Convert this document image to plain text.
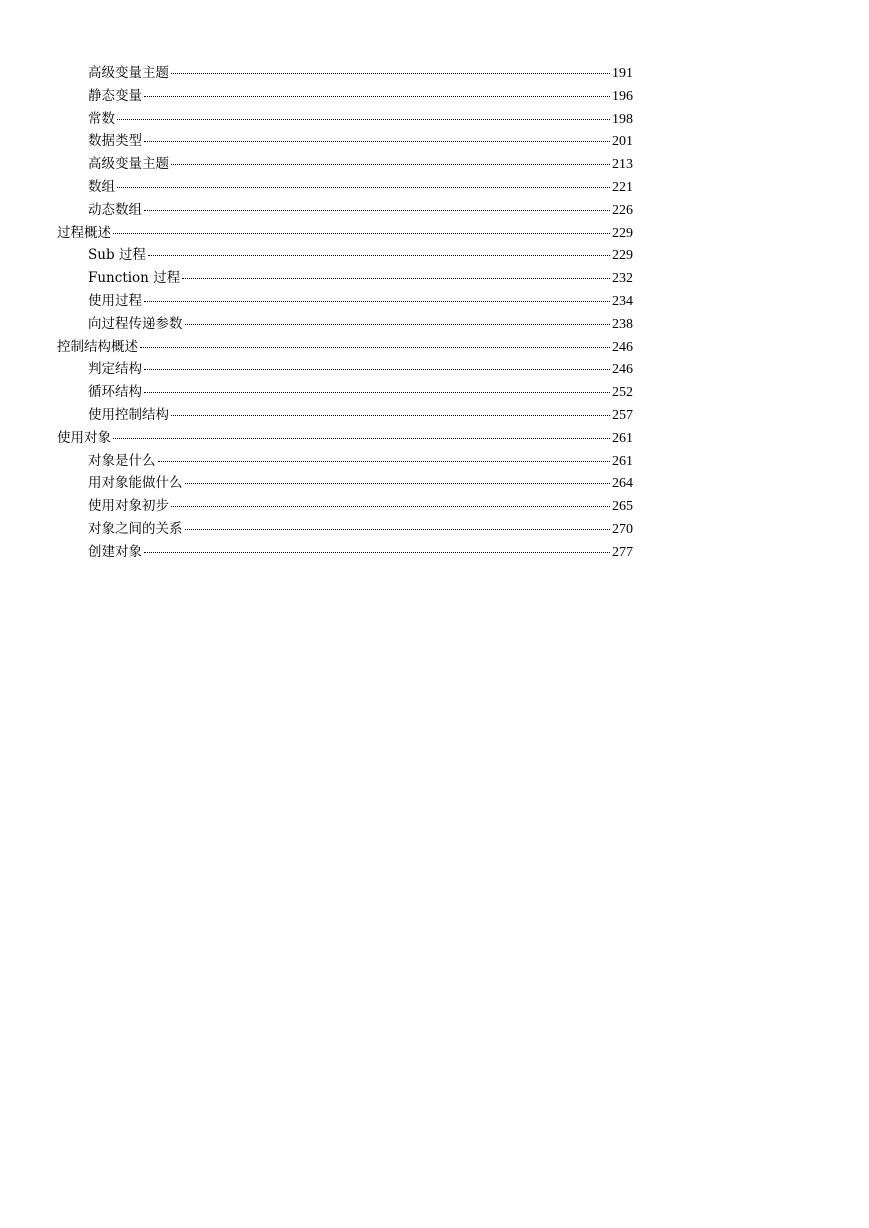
高级变量主题	191
静态变量	196
常数	198
数据类型	201
高级变量主题	213
数组	221
动态数组	226
过程概述	229
Sub 过程	229
Function 过程	232
使用过程	234
向过程传递参数	238
控制结构概述	246
判定结构	246
循环结构	252
使用控制结构	257
使用对象	261
对象是什么	261
用对象能做什么	264
使用对象初步	265
对象之间的关系	270
创建对象	277
